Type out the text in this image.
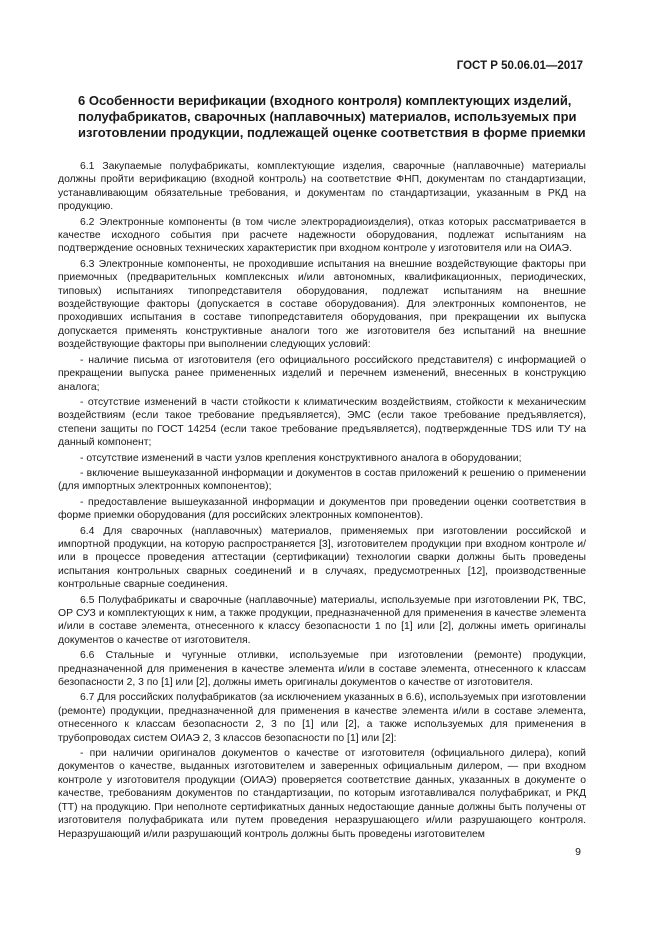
ГОСТ Р 50.06.01—2017
6 Особенности верификации (входного контроля) комплектующих изделий, полуфабрикатов, сварочных (наплавочных) материалов, используемых при изготовлении продукции, подлежащей оценке соответствия в форме приемки

6.1 Закупаемые полуфабрикаты, комплектующие изделия, сварочные (наплавочные) материалы должны пройти верификацию (входной контроль) на соответствие ФНП, документам по стандартизации, устанавливающим обязательные требования, и документам по стандартизации, указанным в РКД на продукцию.

6.2 Электронные компоненты (в том числе электрорадиоизделия), отказ которых рассматривается в качестве исходного события при расчете надежности оборудования, подлежат испытаниям на подтверждение основных технических характеристик при входном контроле у изготовителя или на ОИАЭ.

6.3 Электронные компоненты, не проходившие испытания на внешние воздействующие факторы при приемочных (предварительных комплексных и/или автономных, квалификационных, периодических, типовых) испытаниях типопредставителя оборудования, подлежат испытаниям на внешние воздействующие факторы (допускается в составе оборудования). Для электронных компонентов, не проходивших испытания в составе типопредставителя оборудования, при прекращении их выпуска допускается применять конструктивные аналоги того же изготовителя без испытаний на внешние воздействующие факторы при выполнении следующих условий:

- наличие письма от изготовителя (его официального российского представителя) с информацией о прекращении выпуска ранее примененных изделий и перечнем изменений, внесенных в конструкцию аналога;

- отсутствие изменений в части стойкости к климатическим воздействиям, стойкости к механическим воздействиям (если такое требование предъявляется), ЭМС (если такое требование предъявляется), степени защиты по ГОСТ 14254 (если такое требование предъявляется), подтвержденные TDS или ТУ на данный компонент;

- отсутствие изменений в части узлов крепления конструктивного аналога в оборудовании;

- включение вышеуказанной информации и документов в состав приложений к решению о применении (для импортных электронных компонентов);

- предоставление вышеуказанной информации и документов при проведении оценки соответствия в форме приемки оборудования (для российских электронных компонентов).

6.4 Для сварочных (наплавочных) материалов, применяемых при изготовлении российской и импортной продукции, на которую распространяется [3], изготовителем продукции при входном контроле и/или в процессе проведения аттестации (сертификации) технологии сварки должны быть проведены испытания контрольных сварных соединений и в случаях, предусмотренных [12], производственные контрольные сварные соединения.

6.5 Полуфабрикаты и сварочные (наплавочные) материалы, используемые при изготовлении РК, ТВС, ОР СУЗ и комплектующих к ним, а также продукции, предназначенной для применения в качестве элемента и/или в составе элемента, отнесенного к классу безопасности 1 по [1] или [2], должны иметь оригиналы документов о качестве от изготовителя.

6.6 Стальные и чугунные отливки, используемые при изготовлении (ремонте) продукции, предназначенной для применения в качестве элемента и/или в составе элемента, отнесенного к классам безопасности 2, 3 по [1] или [2], должны иметь оригиналы документов о качестве от изготовителя.

6.7 Для российских полуфабрикатов (за исключением указанных в 6.6), используемых при изготовлении (ремонте) продукции, предназначенной для применения в качестве элемента и/или в составе элемента, отнесенного к классам безопасности 2, 3 по [1] или [2], а также используемых для применения в трубопроводах систем ОИАЭ 2, 3 классов безопасности по [1] или [2]:

- при наличии оригиналов документов о качестве от изготовителя (официального дилера), копий документов о качестве, выданных изготовителем и заверенных официальным дилером, — при входном контроле у изготовителя продукции (ОИАЭ) проверяется соответствие данных, указанных в документе о качестве, требованиям документов по стандартизации, по которым изготавливался полуфабрикат, и РКД (ТТ) на продукцию. При неполноте сертификатных данных недостающие данные должны быть получены от изготовителя полуфабриката или путем проведения неразрушающего и/или разрушающего контроля. Неразрушающий и/или разрушающий контроль должны быть проведены изготовителем

9
